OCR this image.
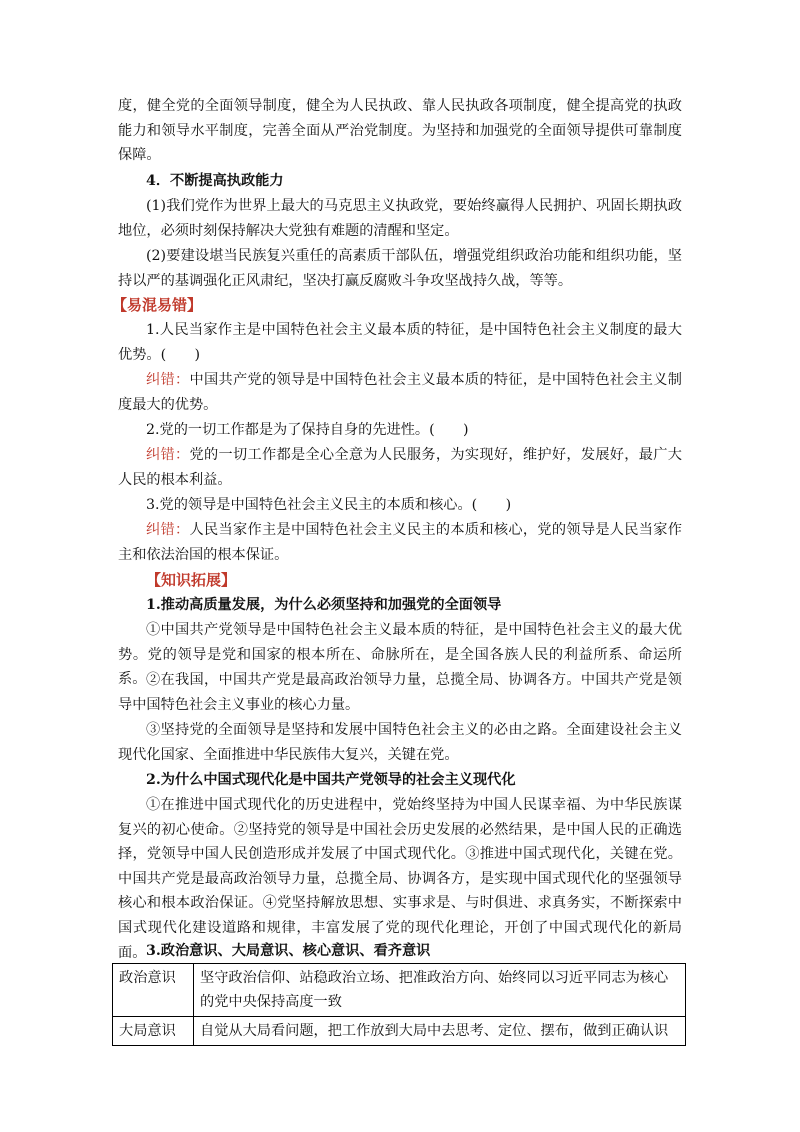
度，健全党的全面领导制度，健全为人民执政、靠人民执政各项制度，健全提高党的执政能力和领导水平制度，完善全面从严治党制度。为坚持和加强党的全面领导提供可靠制度保障。

4．不断提高执政能力

(1)我们党作为世界上最大的马克思主义执政党，要始终赢得人民拥护、巩固长期执政地位，必须时刻保持解决大党独有难题的清醒和坚定。

(2)要建设堪当民族复兴重任的高素质干部队伍，增强党组织政治功能和组织功能，坚持以严的基调强化正风肃纪，坚决打赢反腐败斗争攻坚战持久战，等等。

【易混易错】

1.人民当家作主是中国特色社会主义最本质的特征，是中国特色社会主义制度的最大优势。(　　)

纠错：中国共产党的领导是中国特色社会主义最本质的特征，是中国特色社会主义制度最大的优势。

2.党的一切工作都是为了保持自身的先进性。(　　)

纠错：党的一切工作都是全心全意为人民服务，为实现好，维护好，发展好，最广大人民的根本利益。

3.党的领导是中国特色社会主义民主的本质和核心。(　　)

纠错：人民当家作主是中国特色社会主义民主的本质和核心，党的领导是人民当家作主和依法治国的根本保证。

【知识拓展】

1.推动高质量发展，为什么必须坚持和加强党的全面领导

①中国共产党领导是中国特色社会主义最本质的特征，是中国特色社会主义的最大优势。党的领导是党和国家的根本所在、命脉所在，是全国各族人民的利益所系、命运所系。 ②在我国，中国共产党是最高政治领导力量，总揽全局、协调各方。中国共产党是领导中国特色社会主义事业的核心力量。

③坚持党的全面领导是坚持和发展中国特色社会主义的必由之路。全面建设社会主义现代化国家、全面推进中华民族伟大复兴，关键在党。

2.为什么中国式现代化是中国共产党领导的社会主义现代化

①在推进中国式现代化的历史进程中，党始终坚持为中国人民谋幸福、为中华民族谋复兴的初心使命。②坚持党的领导是中国社会历史发展的必然结果，是中国人民的正确选择，党领导中国人民创造形成并发展了中国式现代化。③推进中国式现代化，关键在党。中国共产党是最高政治领导力量，总揽全局、协调各方，是实现中国式现代化的坚强领导核心和根本政治保证。④党坚持解放思想、实事求是、与时俱进、求真务实，不断探索中国式现代化建设道路和规律，丰富发展了党的现代化理论，开创了中国式现代化的新局面。 3.政治意识、大局意识、核心意识、看齐意识

政治意识	坚守政治信仰、站稳政治立场、把准政治方向、始终同以习近平同志为核心的党中央保持高度一致
大局意识	自觉从大局看问题，把工作放到大局中去思考、定位、摆布，做到正确认识
